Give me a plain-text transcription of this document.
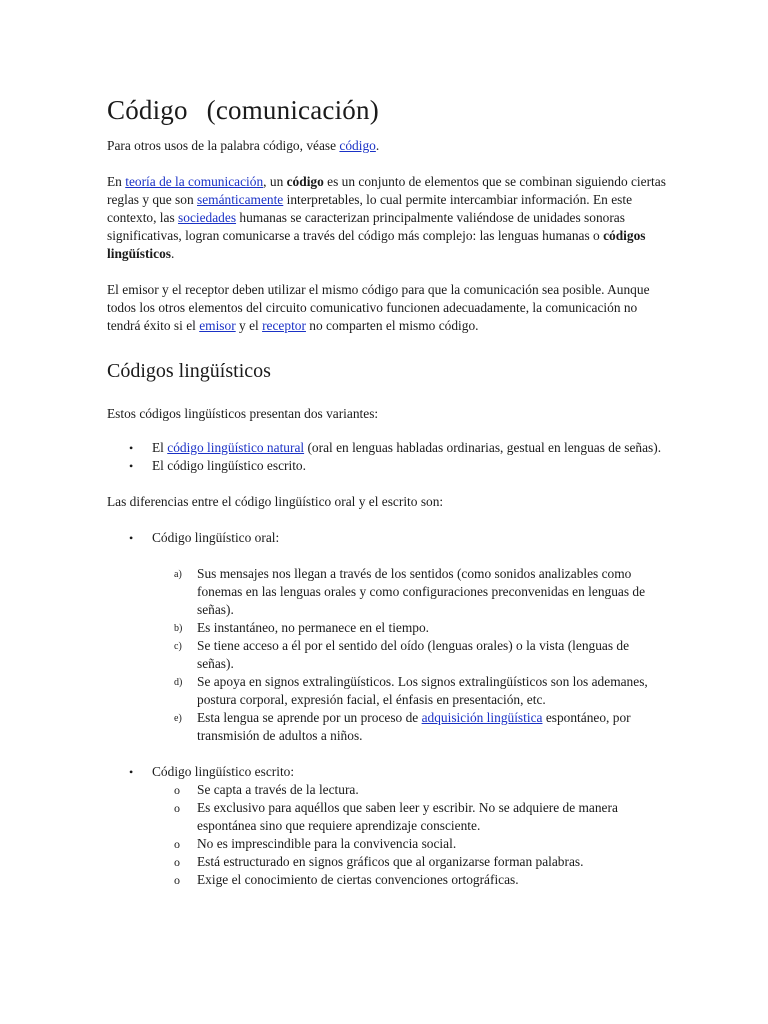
Código (comunicación)

Para otros usos de la palabra código, véase código.

En teoría de la comunicación, un código es un conjunto de elementos que se combinan siguiendo ciertas reglas y que son semánticamente interpretables, lo cual permite intercambiar información. En este contexto, las sociedades humanas se caracterizan principalmente valiéndose de unidades sonoras significativas, logran comunicarse a través del código más complejo: las lenguas humanas o códigos lingüísticos.

El emisor y el receptor deben utilizar el mismo código para que la comunicación sea posible. Aunque todos los otros elementos del circuito comunicativo funcionen adecuadamente, la comunicación no tendrá éxito si el emisor y el receptor no comparten el mismo código.

Códigos lingüísticos

Estos códigos lingüísticos presentan dos variantes:

• El código lingüístico natural (oral en lenguas habladas ordinarias, gestual en lenguas de señas).
• El código lingüístico escrito.

Las diferencias entre el código lingüístico oral y el escrito son:

• Código lingüístico oral:
a) Sus mensajes nos llegan a través de los sentidos (como sonidos analizables como fonemas en las lenguas orales y como configuraciones preconvenidas en lenguas de señas).
b) Es instantáneo, no permanece en el tiempo.
c) Se tiene acceso a él por el sentido del oído (lenguas orales) o la vista (lenguas de señas).
d) Se apoya en signos extralingüísticos. Los signos extralingüísticos son los ademanes, postura corporal, expresión facial, el énfasis en presentación, etc.
e) Esta lengua se aprende por un proceso de adquisición lingüística espontáneo, por transmisión de adultos a niños.
• Código lingüístico escrito:
o Se capta a través de la lectura.
o Es exclusivo para aquéllos que saben leer y escribir. No se adquiere de manera espontánea sino que requiere aprendizaje consciente.
o No es imprescindible para la convivencia social.
o Está estructurado en signos gráficos que al organizarse forman palabras.
o Exige el conocimiento de ciertas convenciones ortográficas.
